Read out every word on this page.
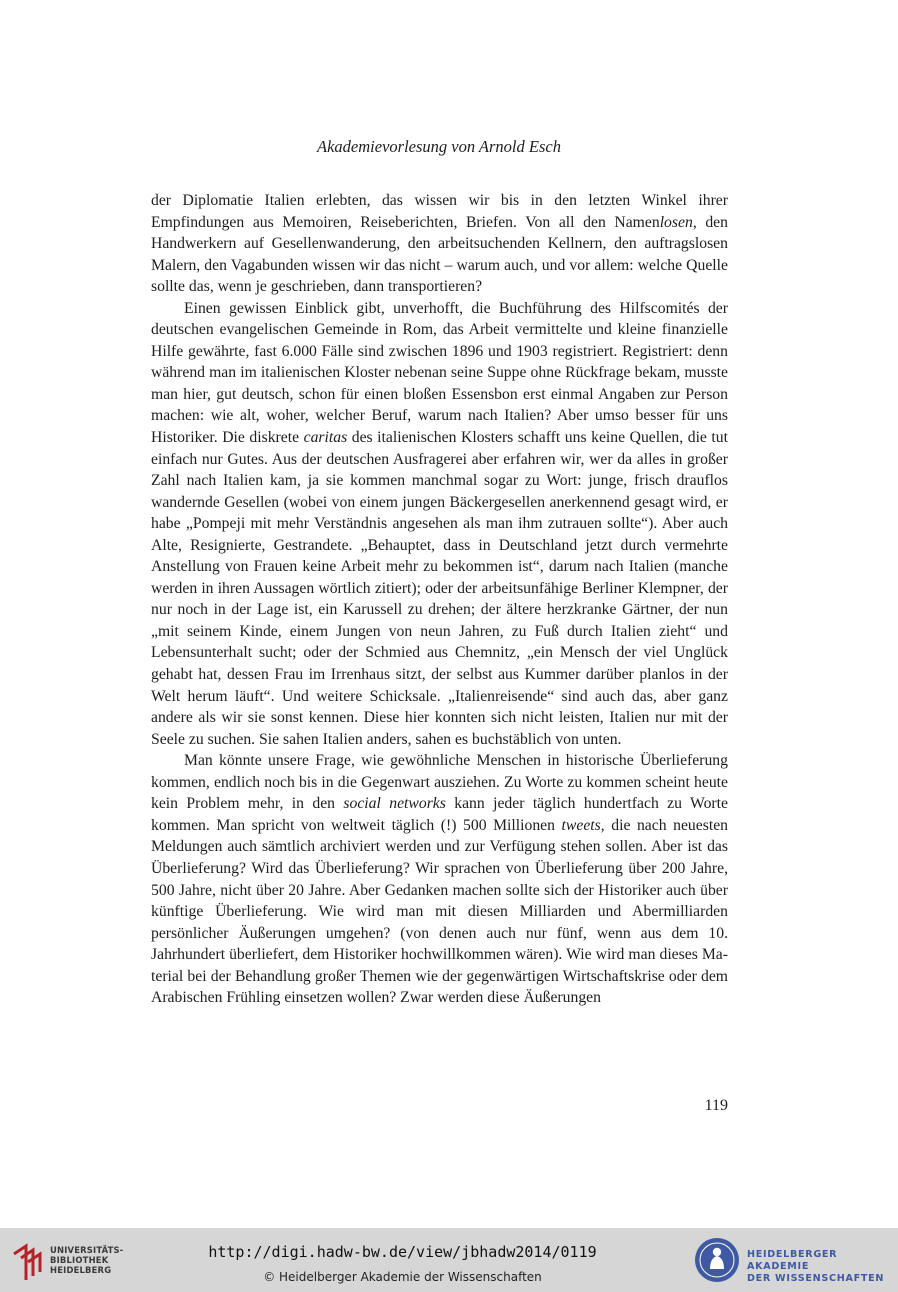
Akademievorlesung von Arnold Esch

der Diplomatie Italien erlebten, das wissen wir bis in den letzten Winkel ihrer Empfindungen aus Memoiren, Reiseberichten, Briefen. Von all den Namenlosen, den Handwerkern auf Gesellenwanderung, den arbeitsuchenden Kellnern, den auftragslosen Malern, den Vagabunden wissen wir das nicht – warum auch, und vor allem: welche Quelle sollte das, wenn je geschrieben, dann transportieren?

Einen gewissen Einblick gibt, unverhofft, die Buchführung des Hilfscomités der deutschen evangelischen Gemeinde in Rom, das Arbeit vermittelte und kleine finanzielle Hilfe gewährte, fast 6.000 Fälle sind zwischen 1896 und 1903 registriert. Registriert: denn während man im italienischen Kloster nebenan seine Suppe ohne Rückfrage bekam, musste man hier, gut deutsch, schon für einen bloßen Essensbon erst einmal Angaben zur Person machen: wie alt, woher, welcher Beruf, warum nach Italien? Aber umso besser für uns Historiker. Die diskrete caritas des italienischen Klosters schafft uns keine Quellen, die tut einfach nur Gutes. Aus der deutschen Ausfragerei aber erfahren wir, wer da alles in großer Zahl nach Italien kam, ja sie kommen manchmal sogar zu Wort: junge, frisch drauflos wandernde Gesellen (wobei von einem jungen Bäckergesellen anerkennend gesagt wird, er habe „Pompeji mit mehr Verständnis angesehen als man ihm zutrauen sollte“). Aber auch Alte, Resignierte, Gestrandete. „Behauptet, dass in Deutschland jetzt durch vermehrte Anstellung von Frauen keine Arbeit mehr zu bekommen ist“, darum nach Italien (manche werden in ihren Aussagen wörtlich zitiert); oder der arbeitsunfähige Berliner Klempner, der nur noch in der Lage ist, ein Karussell zu drehen; der ältere herzkranke Gärtner, der nun „mit seinem Kinde, einem Jungen von neun Jahren, zu Fuß durch Italien zieht“ und Lebensunterhalt sucht; oder der Schmied aus Chemnitz, „ein Mensch der viel Unglück gehabt hat, dessen Frau im Irrenhaus sitzt, der selbst aus Kummer darüber planlos in der Welt herum läuft“. Und weitere Schicksale. „Italienreisende“ sind auch das, aber ganz andere als wir sie sonst kennen. Diese hier konnten sich nicht leisten, Italien nur mit der Seele zu suchen. Sie sahen Italien anders, sahen es buchstäblich von unten.

Man könnte unsere Frage, wie gewöhnliche Menschen in historische Überlieferung kommen, endlich noch bis in die Gegenwart ausziehen. Zu Worte zu kommen scheint heute kein Problem mehr, in den social networks kann jeder täglich hundertfach zu Worte kommen. Man spricht von weltweit täglich (!) 500 Millionen tweets, die nach neuesten Meldungen auch sämtlich archiviert werden und zur Verfügung stehen sollen. Aber ist das Überlieferung? Wird das Überlieferung? Wir sprachen von Überlieferung über 200 Jahre, 500 Jahre, nicht über 20 Jahre. Aber Gedanken machen sollte sich der Historiker auch über künftige Überlieferung. Wie wird man mit diesen Milliarden und Abermilliarden persönlicher Äußerungen umgehen? (von denen auch nur fünf, wenn aus dem 10. Jahrhundert überliefert, dem Historiker hochwillkommen wären). Wie wird man dieses Material bei der Behandlung großer Themen wie der gegenwärtigen Wirtschaftskrise oder dem Arabischen Frühling einsetzen wollen? Zwar werden diese Äußerungen

119
UNIVERSITÄTS-
BIBLIOTHEK
HEIDELBERG
http://digi.hadw-bw.de/view/jbhadw2014/0119
© Heidelberger Akademie der Wissenschaften
HEIDELBERGER AKADEMIE
DER WISSENSCHAFTEN
